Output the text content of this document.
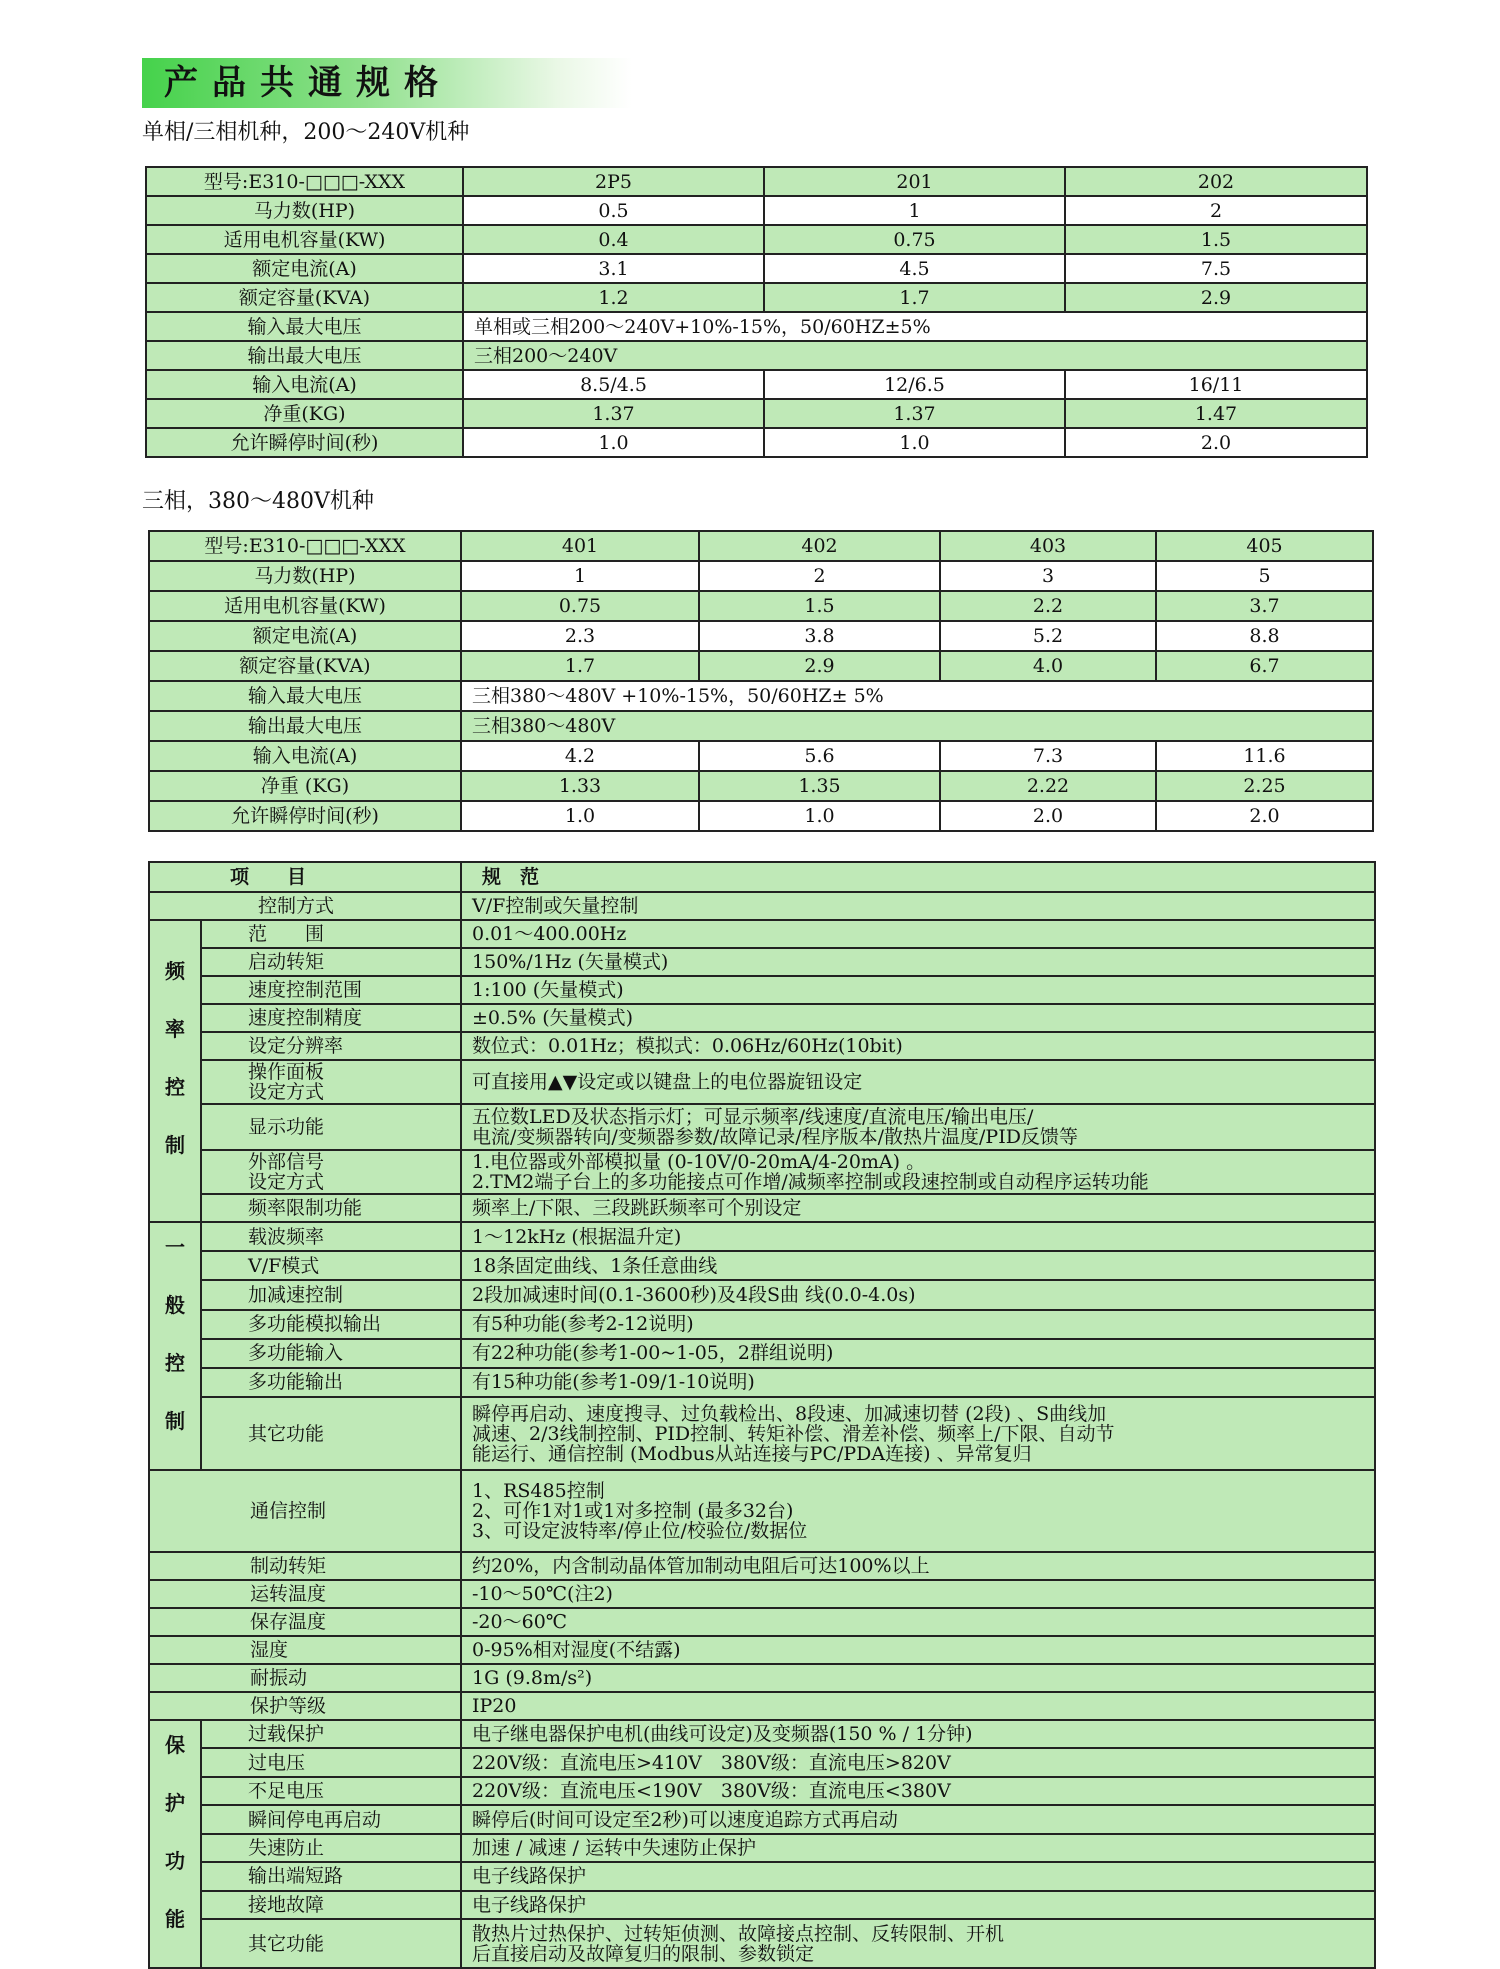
产品共通规格
单相/三相机种，200～240V机种
型号:E310-□□□-XXX	2P5	201	202
马力数(HP)	0.5	1	2
适用电机容量(KW)	0.4	0.75	1.5
额定电流(A)	3.1	4.5	7.5
额定容量(KVA)	1.2	1.7	2.9
输入最大电压	单相或三相200～240V+10%-15%，50/60HZ±5%		
输出最大电压	三相200～240V		
输入电流(A)	8.5/4.5	12/6.5	16/11
净重(KG)	1.37	1.37	1.47
允许瞬停时间(秒)	1.0	1.0	2.0
三相，380～480V机种
型号:E310-□□□-XXX	401	402	403	405
马力数(HP)	1	2	3	5
适用电机容量(KW)	0.75	1.5	2.2	3.7
额定电流(A)	2.3	3.8	5.2	8.8
额定容量(KVA)	1.7	2.9	4.0	6.7
输入最大电压	三相380～480V +10%-15%，50/60HZ± 5%			
输出最大电压	三相380～480V			
输入电流(A)	4.2	5.6	7.3	11.6
净重 (KG)	1.33	1.35	2.22	2.25
允许瞬停时间(秒)	1.0	1.0	2.0	2.0
项　　目		规　范
控制方式		V/F控制或矢量控制

频
率
控
制	范　　围	0.01～400.00Hz
	启动转矩	150%/1Hz (矢量模式)
	速度控制范围	1:100 (矢量模式)
	速度控制精度	±0.5% (矢量模式)
	设定分辨率	数位式：0.01Hz；模拟式：0.06Hz/60Hz(10bit)
	操作面板
设定方式	可直接用▲▼设定或以键盘上的电位器旋钮设定
	显示功能	五位数LED及状态指示灯；可显示频率/线速度/直流电压/输出电压/
电流/变频器转向/变频器参数/故障记录/程序版本/散热片温度/PID反馈等
	外部信号
设定方式	1.电位器或外部模拟量 (0-10V/0-20mA/4-20mA) 。
2.TM2端子台上的多功能接点可作增/减频率控制或段速控制或自动程序运转功能
	频率限制功能	频率上/下限、三段跳跃频率可个别设定

一
般
控
制	载波频率	1～12kHz (根据温升定)
	V/F模式	18条固定曲线、1条任意曲线
	加减速控制	2段加减速时间(0.1-3600秒)及4段S曲 线(0.0-4.0s)
	多功能模拟输出	有5种功能(参考2-12说明)
	多功能输入	有22种功能(参考1-00~1-05，2群组说明)
	多功能输出	有15种功能(参考1-09/1-10说明)
	其它功能	瞬停再启动、速度搜寻、过负载检出、8段速、加减速切替 (2段) 、S曲线加
减速、2/3线制控制、PID控制、转矩补偿、滑差补偿、频率上/下限、自动节
能运行、通信控制 (Modbus从站连接与PC/PDA连接) 、异常复归
通信控制		1、RS485控制
2、可作1对1或1对多控制 (最多32台)
3、可设定波特率/停止位/校验位/数据位
制动转矩		约20%，内含制动晶体管加制动电阻后可达100%以上
运转温度		-10～50℃(注2)
保存温度		-20～60℃
湿度		0-95%相对湿度(不结露)
耐振动		1G (9.8m/s²)
保护等级		IP20

保
护
功
能	过载保护	电子继电器保护电机(曲线可设定)及变频器(150 % / 1分钟)
	过电压	220V级：直流电压>410V　380V级：直流电压>820V
	不足电压	220V级：直流电压<190V　380V级：直流电压<380V
	瞬间停电再启动	瞬停后(时间可设定至2秒)可以速度追踪方式再启动
	失速防止	加速 / 减速 / 运转中失速防止保护
	输出端短路	电子线路保护
	接地故障	电子线路保护
	其它功能	散热片过热保护、过转矩侦测、故障接点控制、反转限制、开机
后直接启动及故障复归的限制、参数锁定
